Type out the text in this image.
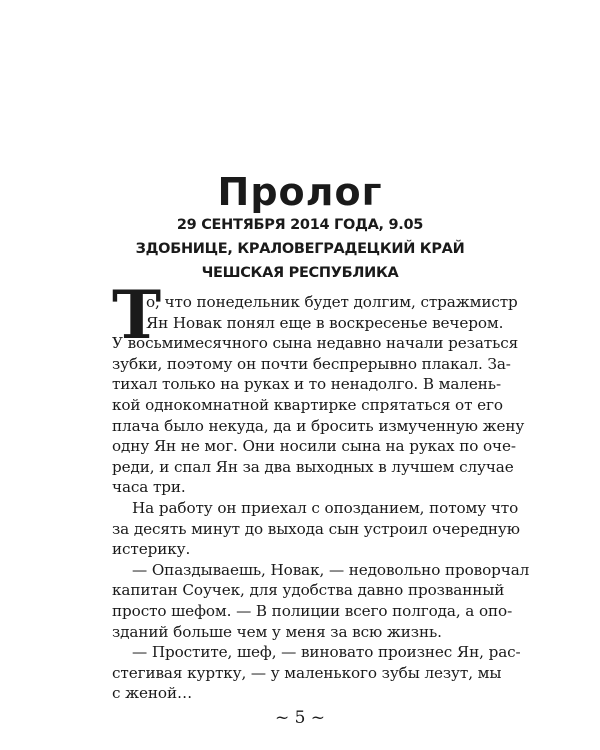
Пролог
29 СЕНТЯБРЯ 2014 ГОДА, 9.05
ЗДОБНИЦЕ, КРАЛОВЕГРАДЕЦКИЙ КРАЙ
ЧЕШСКАЯ РЕСПУБЛИКА
Т
о, что понедельник будет долгим, стражмистр
Ян Новак понял еще в воскресенье вечером.
У восьмимесячного сына недавно начали резаться
зубки, поэтому он почти беспрерывно плакал. За-
тихал только на руках и то ненадолго. В малень-
кой однокомнатной квартирке спрятаться от его
плача было некуда, да и бросить измученную жену
одну Ян не мог. Они носили сына на руках по оче-
реди, и спал Ян за два выходных в лучшем случае
часа три.
На работу он приехал с опозданием, потому что
за десять минут до выхода сын устроил очередную
истерику.
— Опаздываешь, Новак, — недовольно проворчал
капитан Соучек, для удобства давно прозванный
просто шефом. — В полиции всего полгода, а опо-
~ 5 ~
зданий больше чем у меня за всю жизнь.
— Простите, шеф, — виновато произнес Ян, рас-
стегивая куртку, — у маленького зубы лезут, мы
с женой…
